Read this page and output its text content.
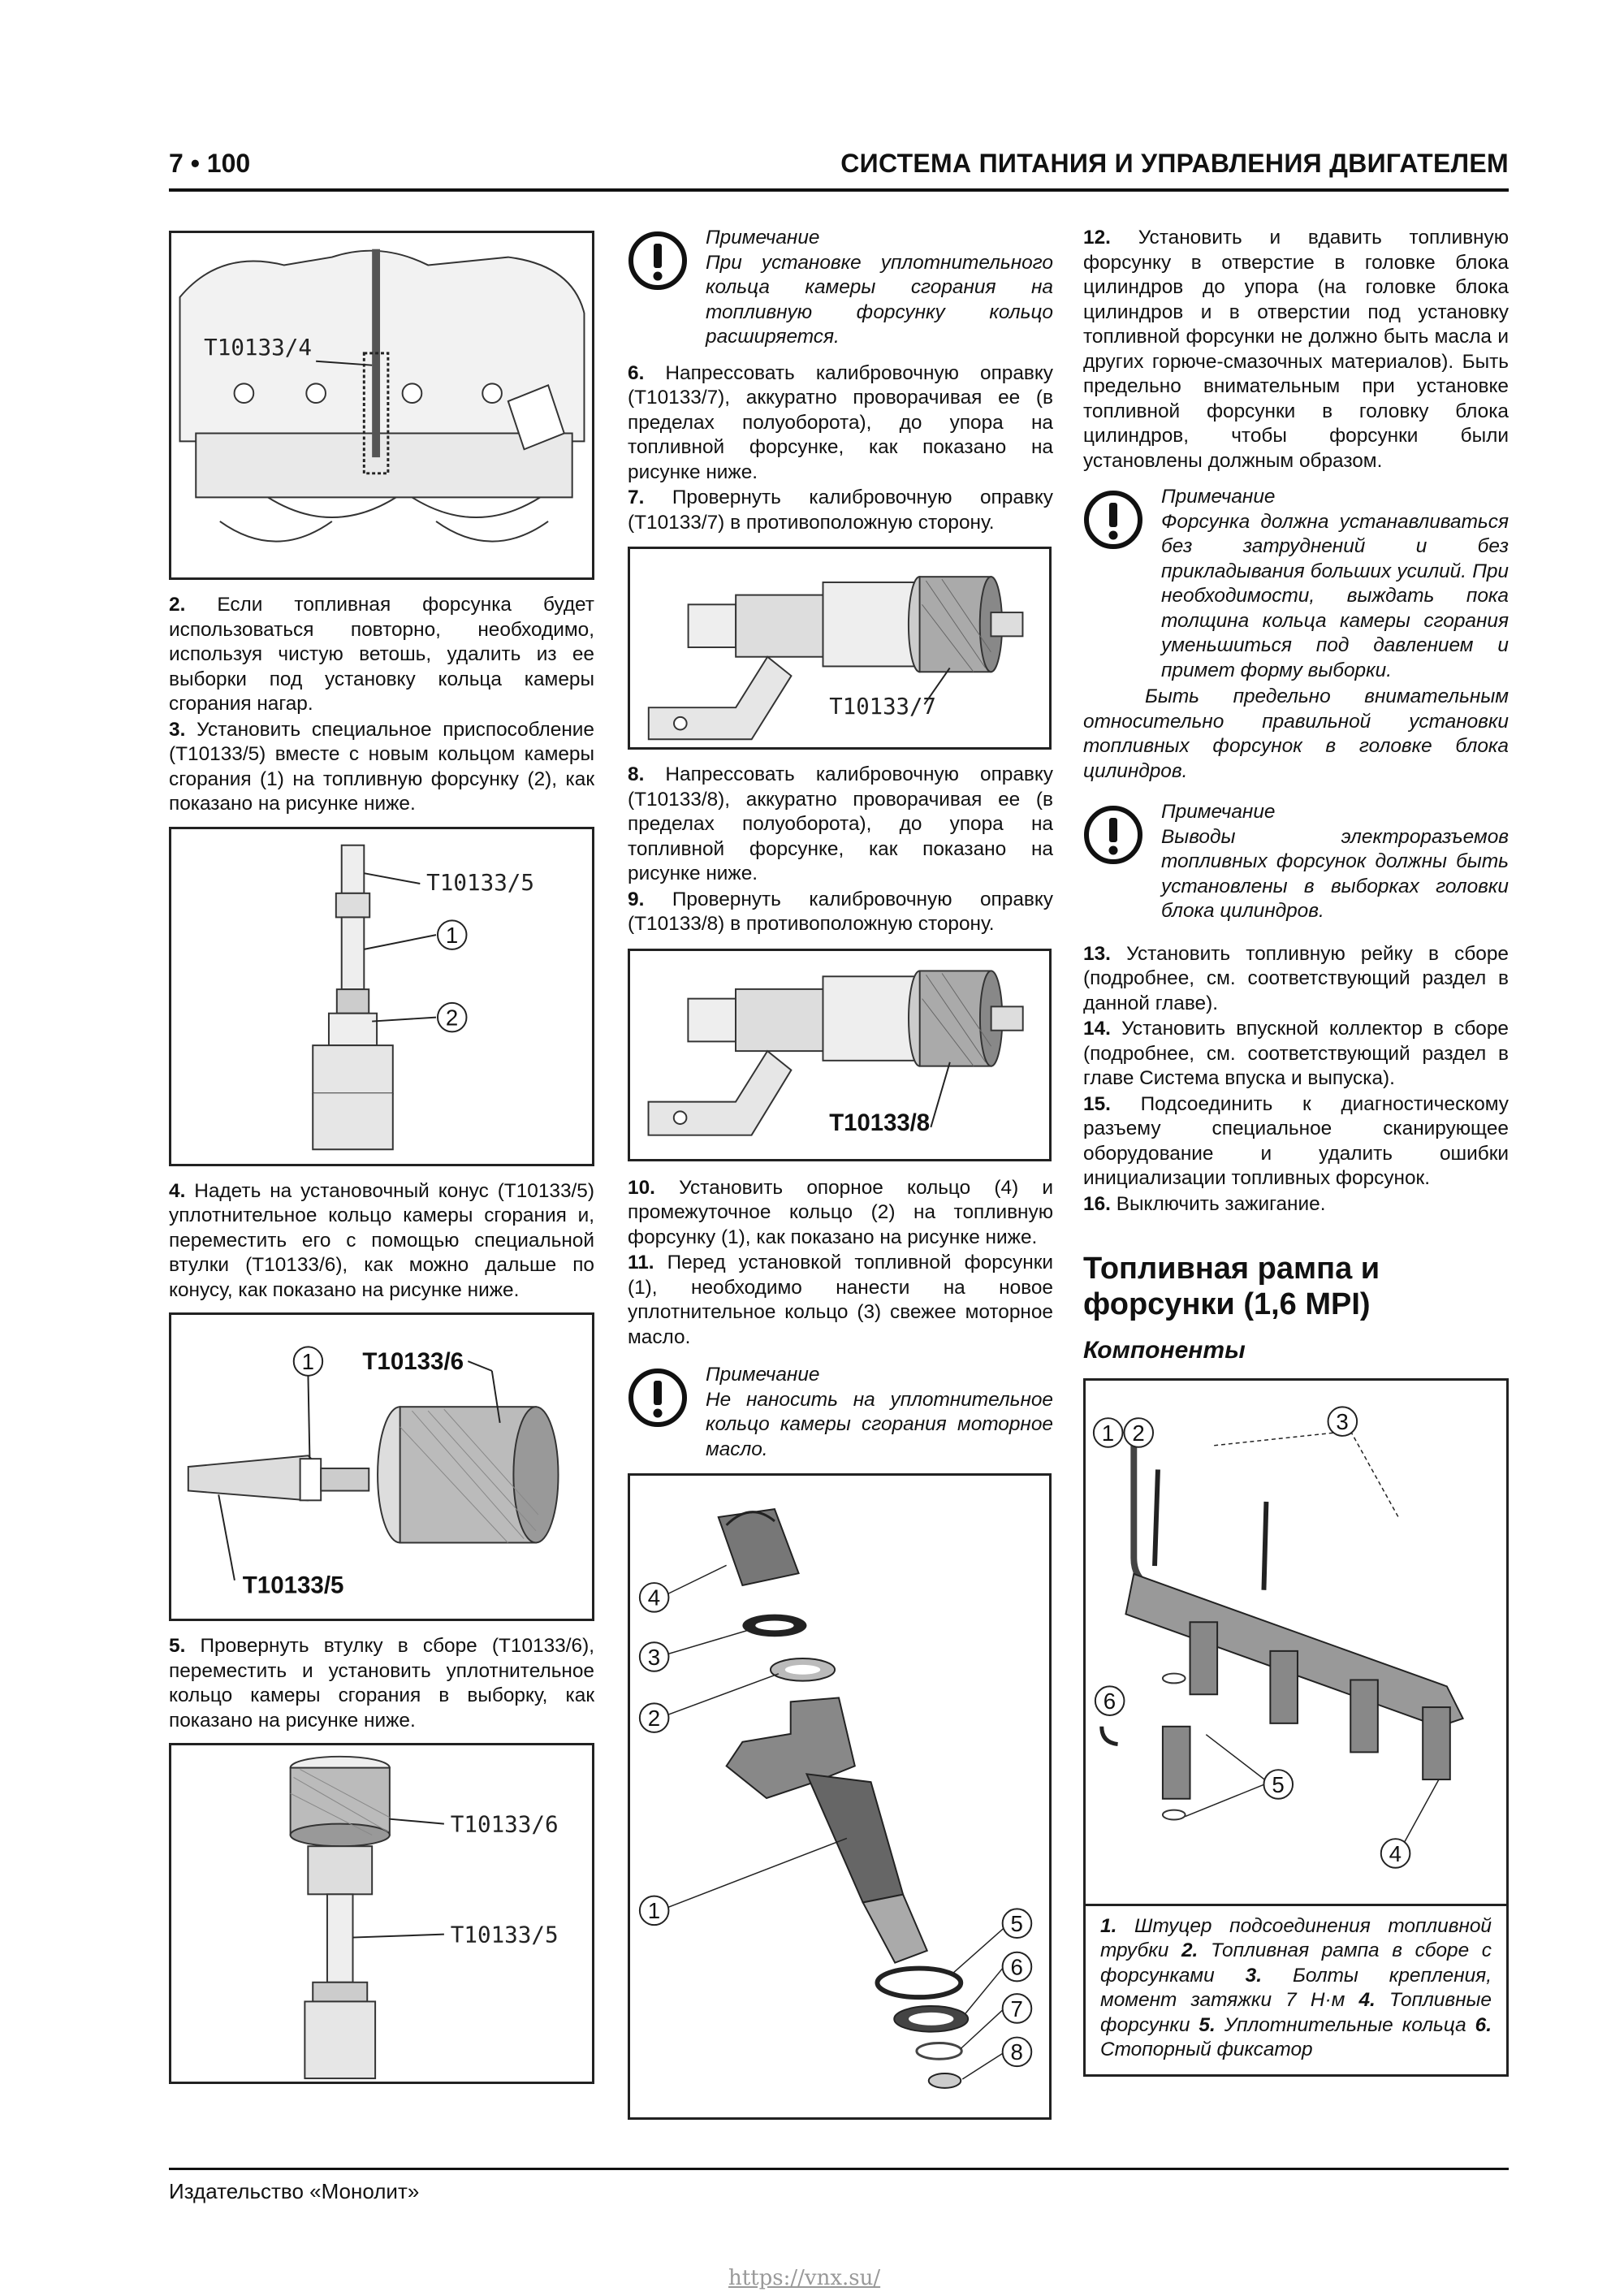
7 • 100	СИСТЕМА ПИТАНИЯ И УПРАВЛЕНИЯ ДВИГАТЕЛЕМ
T10133/4

2. Если топливная форсунка будет использоваться повторно, необходимо, используя чистую ветошь, удалить из ее выборки под установку кольца камеры сгорания нагар.

3. Установить специальное приспособление (T10133/5) вместе с новым кольцом камеры сгорания (1) на топливную форсунку (2), как показано на рисунке ниже.

T10133/5
1
2

4. Надеть на установочный конус (T10133/5) уплотнительное кольцо камеры сгорания и, переместить его с помощью специальной втулки (T10133/6), как можно дальше по конусу, как показано на рисунке ниже.

1 T10133/6
T10133/5

5. Провернуть втулку в сборе (T10133/6), переместить и установить уплотнительное кольцо камеры сгорания в выборку, как показано на рисунке ниже.

T10133/6
T10133/5
Примечание

При установке уплотнительного кольца камеры сгорания на топливную форсунку кольцо расширяется.

6. Напрессовать калибровочную оправку (T10133/7), аккуратно проворачивая ее (в пределах полуоборота), до упора на топливной форсунке, как показано на рисунке ниже.

7. Провернуть калибровочную оправку (T10133/7) в противоположную сторону.

T10133/7

8. Напрессовать калибровочную оправку (T10133/8), аккуратно проворачивая ее (в пределах полуоборота), до упора на топливной форсунке, как показано на рисунке ниже.

9. Провернуть калибровочную оправку (T10133/8) в противоположную сторону.

T10133/8

10. Установить опорное кольцо (4) и промежуточное кольцо (2) на топливную форсунку (1), как показано на рисунке ниже.

11. Перед установкой топливной форсунки (1), необходимо нанести на новое уплотнительное кольцо (3) свежее моторное масло.

Примечание

Не наносить на уплотнительное кольцо камеры сгорания моторное масло.

4
3
2
1
5
6
7
8

12. Установить и вдавить топливную форсунку в отверстие в головке блока цилиндров до упора (на головке блока цилиндров и в отверстии под установку топливной форсунки не должно быть масла и других горюче-смазочных материалов). Быть предельно внимательным при установке топливной форсунки в головку блока цилиндров, чтобы форсунки были установлены должным образом.

Примечание

Форсунка должна устанавливаться без затруднений и без прикладывания больших усилий. При необходимости, выждать пока толщина кольца камеры сгорания уменьшиться под давлением и примет форму выборки.

Быть предельно внимательным относительно правильной установки топливных форсунок в головке блока цилиндров.

Примечание

Выводы электроразъемов топливных форсунок должны быть установлены в выборках головки блока цилиндров.

13. Установить топливную рейку в сборе (подробнее, см. соответствующий раздел в данной главе).

14. Установить впускной коллектор в сборе (подробнее, см. соответствующий раздел в главе Система впуска и выпуска).

15. Подсоединить к диагностическому разъему специальное сканирующее оборудование и удалить ошибки инициализации топливных форсунок.

16. Выключить зажигание.

Топливная рампа и форсунки (1,6 MPI)
Компоненты
1 2	3
6
5
4
1. Штуцер подсоединения топливной трубки 2. Топливная рампа в сборе с форсунками 3. Болты крепления, момент затяжки 7 Н·м 4. Топливные форсунки 5. Уплотнительные кольца 6. Стопорный фиксатор
Издательство «Монолит»
https://vnx.su/
